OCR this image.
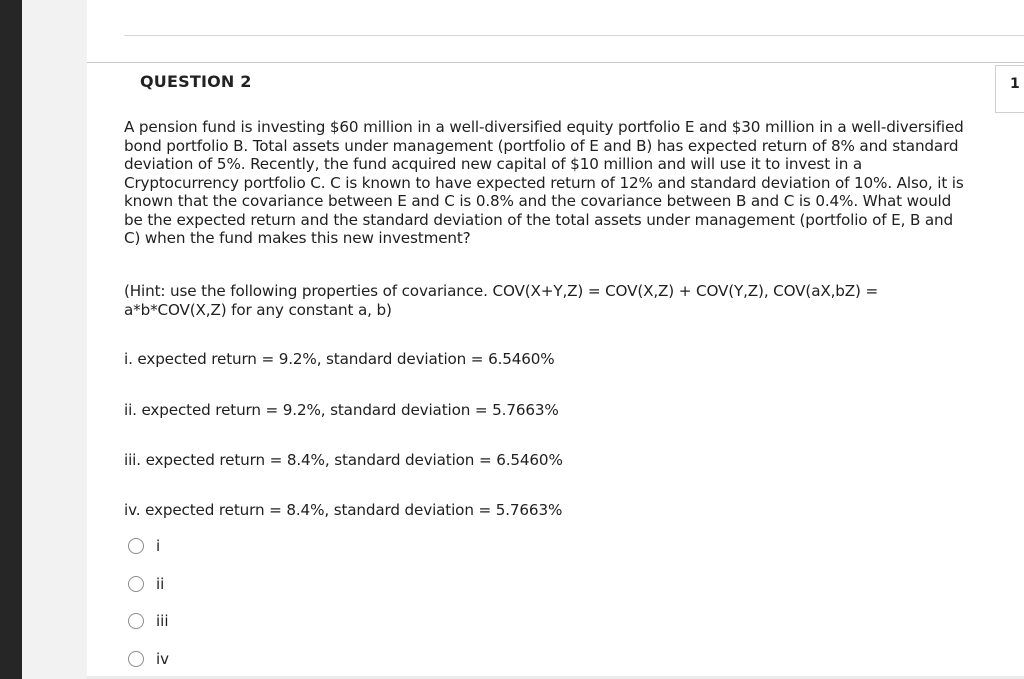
QUESTION 2	1
A pension fund is investing $60 million in a well-diversified equity portfolio E and $30 million in a well-diversified bond portfolio B. Total assets under management (portfolio of E and B) has expected return of 8% and standard deviation of 5%. Recently, the fund acquired new capital of $10 million and will use it to invest in a Cryptocurrency portfolio C. C is known to have expected return of 12% and standard deviation of 10%. Also, it is known that the covariance between E and C is 0.8% and the covariance between B and C is 0.4%. What would be the expected return and the standard deviation of the total assets under management (portfolio of E, B and C) when the fund makes this new investment?
(Hint: use the following properties of covariance. COV(X+Y,Z) = COV(X,Z) + COV(Y,Z), COV(aX,bZ) = a*b*COV(X,Z) for any constant a, b)
i. expected return = 9.2%, standard deviation = 6.5460%
ii. expected return = 9.2%, standard deviation = 5.7663%
iii. expected return = 8.4%, standard deviation = 6.5460%
iv. expected return = 8.4%, standard deviation = 5.7663%
i
ii
iii
iv
